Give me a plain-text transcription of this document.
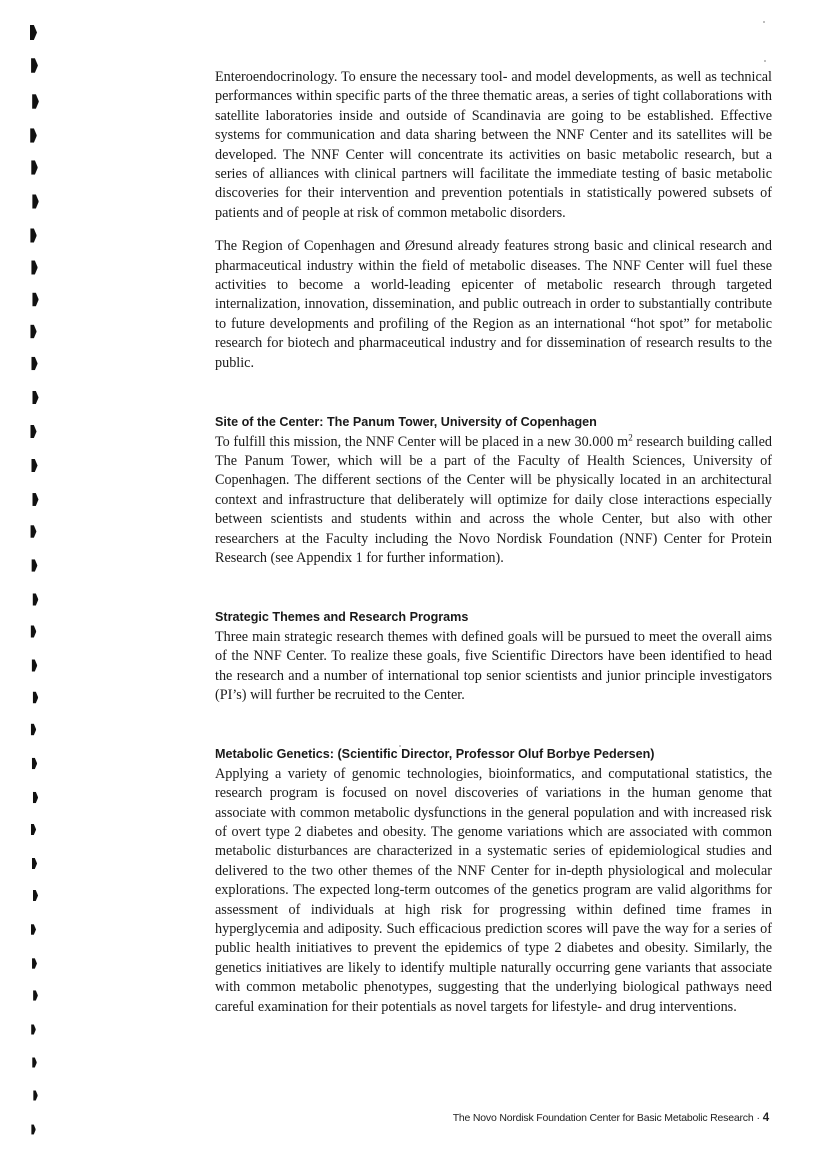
Enteroendocrinology. To ensure the necessary tool- and model developments, as well as technical performances within specific parts of the three thematic areas, a series of tight collaborations with satellite laboratories inside and outside of Scandinavia are going to be established. Effective systems for communication and data sharing between the NNF Center and its satellites will be developed. The NNF Center will concentrate its activities on basic metabolic research, but a series of alliances with clinical partners will facilitate the immediate testing of basic metabolic discoveries for their intervention and prevention potentials in statistically powered subsets of patients and of people at risk of common metabolic disorders.

The Region of Copenhagen and Øresund already features strong basic and clinical research and pharmaceutical industry within the field of metabolic diseases. The NNF Center will fuel these activities to become a world-leading epicenter of metabolic research through targeted internalization, innovation, dissemination, and public outreach in order to substantially contribute to future developments and profiling of the Region as an international “hot spot” for metabolic research for biotech and pharmaceutical industry and for dissemination of research results to the public.

Site of the Center: The Panum Tower, University of Copenhagen

To fulfill this mission, the NNF Center will be placed in a new 30.000 $m^2$ research building called The Panum Tower, which will be a part of the Faculty of Health Sciences, University of Copenhagen. The different sections of the Center will be physically located in an architectural context and infrastructure that deliberately will optimize for daily close interactions especially between scientists and students within and across the whole Center, but also with other researchers at the Faculty including the Novo Nordisk Foundation (NNF) Center for Protein Research (see Appendix 1 for further information).

Strategic Themes and Research Programs

Three main strategic research themes with defined goals will be pursued to meet the overall aims of the NNF Center. To realize these goals, five Scientific Directors have been identified to head the research and a number of international top senior scientists and junior principle investigators (PI’s) will further be recruited to the Center.

Metabolic Genetics: (Scientific Director, Professor Oluf Borbye Pedersen)

Applying a variety of genomic technologies, bioinformatics, and computational statistics, the research program is focused on novel discoveries of variations in the human genome that associate with common metabolic dysfunctions in the general population and with increased risk of overt type 2 diabetes and obesity. The genome variations which are associated with common metabolic disturbances are characterized in a systematic series of epidemiological studies and delivered to the two other themes of the NNF Center for in-depth physiological and molecular explorations. The expected long-term outcomes of the genetics program are valid algorithms for assessment of individuals at high risk for progressing within defined time frames in hyperglycemia and adiposity. Such efficacious prediction scores will pave the way for a series of public health initiatives to prevent the epidemics of type 2 diabetes and obesity. Similarly, the genetics initiatives are likely to identify multiple naturally occurring gene variants that associate with common metabolic phenotypes, suggesting that the underlying biological pathways need careful examination for their potentials as novel targets for lifestyle- and drug interventions.

The Novo Nordisk Foundation Center for Basic Metabolic Research · 4
